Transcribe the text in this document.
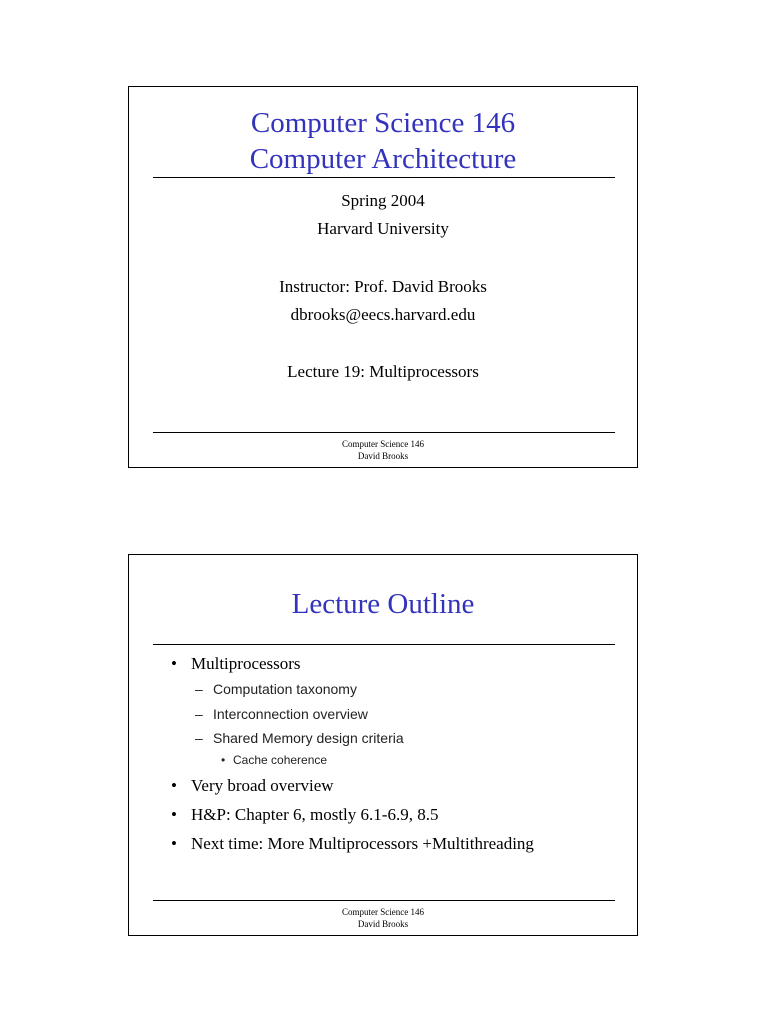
Computer Science 146
Computer Architecture
Spring 2004
Harvard University
Instructor: Prof. David Brooks
dbrooks@eecs.harvard.edu
Lecture 19: Multiprocessors
Computer Science 146
David Brooks
Lecture Outline
• Multiprocessors
– Computation taxonomy
– Interconnection overview
– Shared Memory design criteria
• Cache coherence
• Very broad overview
• H&P: Chapter 6, mostly 6.1-6.9, 8.5
• Next time: More Multiprocessors +Multithreading
Computer Science 146
David Brooks
